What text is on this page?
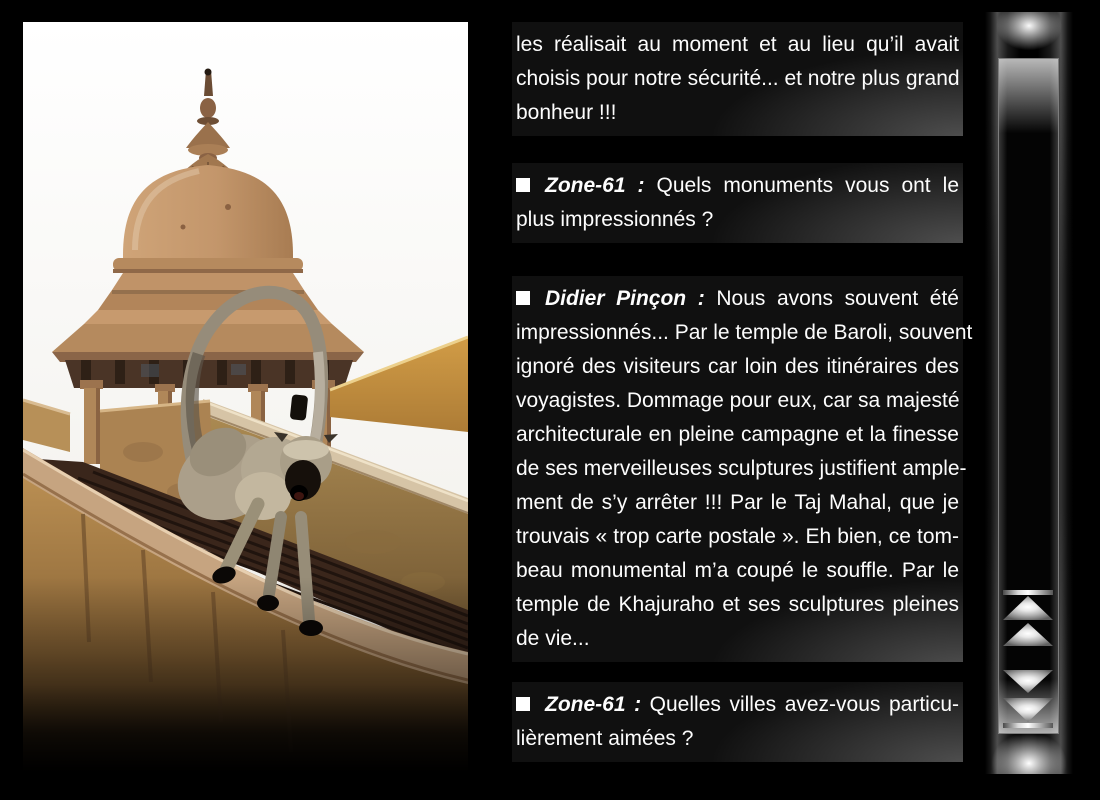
les réalisait au moment et au lieu qu’il avait
choisis pour notre sécurité... et notre plus grand
bonheur !!!
Zone-61 : Quels monuments vous ont le
plus impressionnés ?
Didier Pinçon : Nous avons souvent été
impressionnés... Par le temple de Baroli, souvent
ignoré des visiteurs car loin des itinéraires des
voyagistes. Dommage pour eux, car sa majesté
architecturale en pleine campagne et la finesse
de ses merveilleuses sculptures justifient ample-
ment de s’y arrêter !!! Par le Taj Mahal, que je
trouvais « trop carte postale ». Eh bien, ce tom-
beau monumental m’a coupé le souffle. Par le
temple de Khajuraho et ses sculptures pleines
de vie...
Zone-61 : Quelles villes avez-vous particu-
lièrement aimées ?
